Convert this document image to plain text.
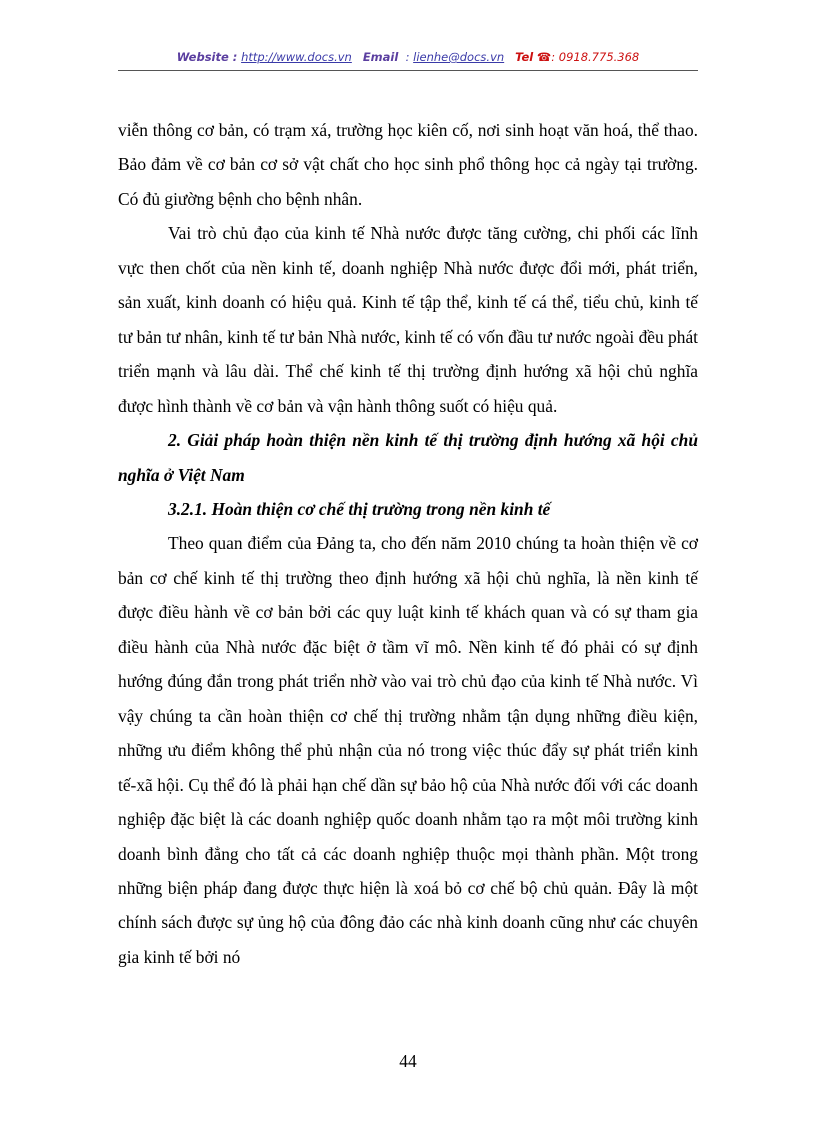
Website : http://www.docs.vn Email : lienhe@docs.vn Tel ☎: 0918.775.368

viễn thông cơ bản, có trạm xá, trường học kiên cố, nơi sinh hoạt văn hoá, thể thao. Bảo đảm về cơ bản cơ sở vật chất cho học sinh phổ thông học cả ngày tại trường. Có đủ giường bệnh cho bệnh nhân.

Vai trò chủ đạo của kinh tế Nhà nước được tăng cường, chi phối các lĩnh vực then chốt của nền kinh tế, doanh nghiệp Nhà nước được đổi mới, phát triển, sản xuất, kinh doanh có hiệu quả. Kinh tế tập thể, kinh tế cá thể, tiểu chủ, kinh tế tư bản tư nhân, kinh tế tư bản Nhà nước, kinh tế có vốn đầu tư nước ngoài đều phát triển mạnh và lâu dài. Thể chế kinh tế thị trường định hướng xã hội chủ nghĩa được hình thành về cơ bản và vận hành thông suốt có hiệu quả.

2. Giải pháp hoàn thiện nền kinh tế thị trường định hướng xã hội chủ nghĩa ở Việt Nam

3.2.1. Hoàn thiện cơ chế thị trường trong nền kinh tế

Theo quan điểm của Đảng ta, cho đến năm 2010 chúng ta hoàn thiện về cơ bản cơ chế kinh tế thị trường theo định hướng xã hội chủ nghĩa, là nền kinh tế được điều hành về cơ bản bởi các quy luật kinh tế khách quan và có sự tham gia điều hành của Nhà nước đặc biệt ở tầm vĩ mô. Nền kinh tế đó phải có sự định hướng đúng đắn trong phát triển nhờ vào vai trò chủ đạo của kinh tế Nhà nước. Vì vậy chúng ta cần hoàn thiện cơ chế thị trường nhằm tận dụng những điều kiện, những ưu điểm không thể phủ nhận của nó trong việc thúc đẩy sự phát triển kinh tế-xã hội. Cụ thể đó là phải hạn chế dần sự bảo hộ của Nhà nước đối với các doanh nghiệp đặc biệt là các doanh nghiệp quốc doanh nhằm tạo ra một môi trường kinh doanh bình đẳng cho tất cả các doanh nghiệp thuộc mọi thành phần. Một trong những biện pháp đang được thực hiện là xoá bỏ cơ chế bộ chủ quản. Đây là một chính sách được sự ủng hộ của đông đảo các nhà kinh doanh cũng như các chuyên gia kinh tế bởi nó

44
